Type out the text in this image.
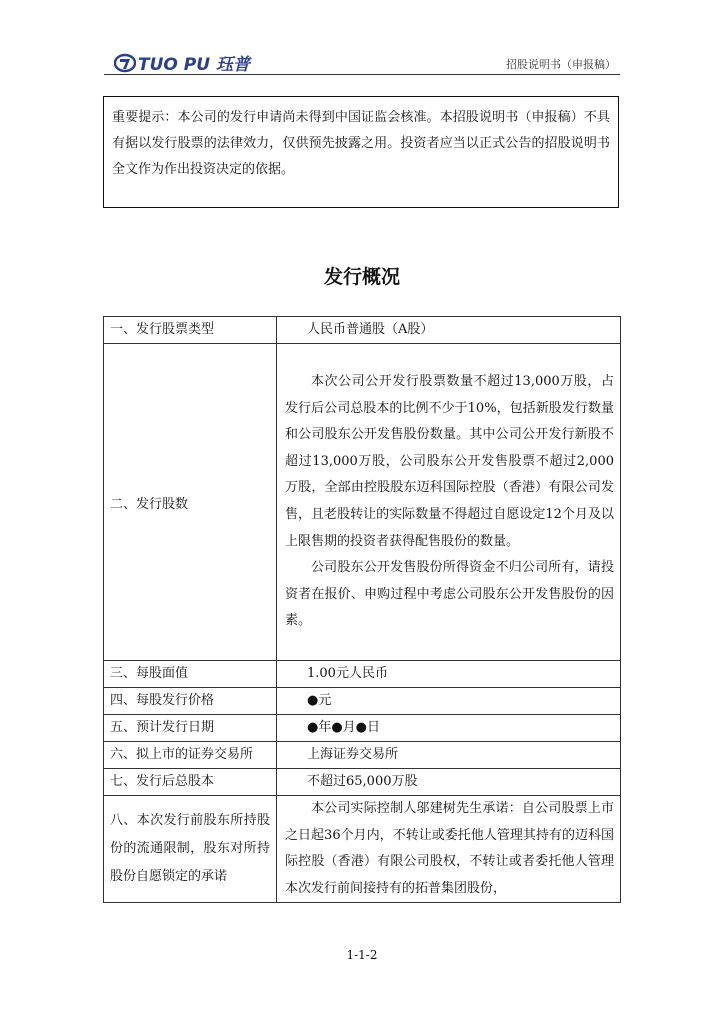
TUO PU 珏普	招股说明书（申报稿）
重要提示：本公司的发行申请尚未得到中国证监会核准。本招股说明书（申报稿）不具有据以发行股票的法律效力，仅供预先披露之用。投资者应当以正式公告的招股说明书全文作为作出投资决定的依据。
发行概况
一、发行股票类型	人民币普通股（A股）
二、发行股数	本次公司公开发行股票数量不超过13,000万股，占发行后公司总股本的比例不少于10%，包括新股发行数量和公司股东公开发售股份数量。其中公司公开发行新股不超过13,000万股，公司股东公开发售股票不超过2,000万股，全部由控股股东迈科国际控股（香港）有限公司发售，且老股转让的实际数量不得超过自愿设定12个月及以上限售期的投资者获得配售股份的数量。

公司股东公开发售股份所得资金不归公司所有，请投资者在报价、申购过程中考虑公司股东公开发售股份的因素。

三、每股面值	1.00元人民币
四、每股发行价格	●元
五、预计发行日期	●年●月●日
六、拟上市的证券交易所	上海证券交易所
七、发行后总股本	不超过65,000万股
八、本次发行前股东所持股份的流通限制，股东对所持股份自愿锁定的承诺	本公司实际控制人邬建树先生承诺：自公司股票上市之日起36个月内，不转让或委托他人管理其持有的迈科国际控股（香港）有限公司股权，不转让或者委托他人管理本次发行前间接持有的拓普集团股份，

1-1-2
